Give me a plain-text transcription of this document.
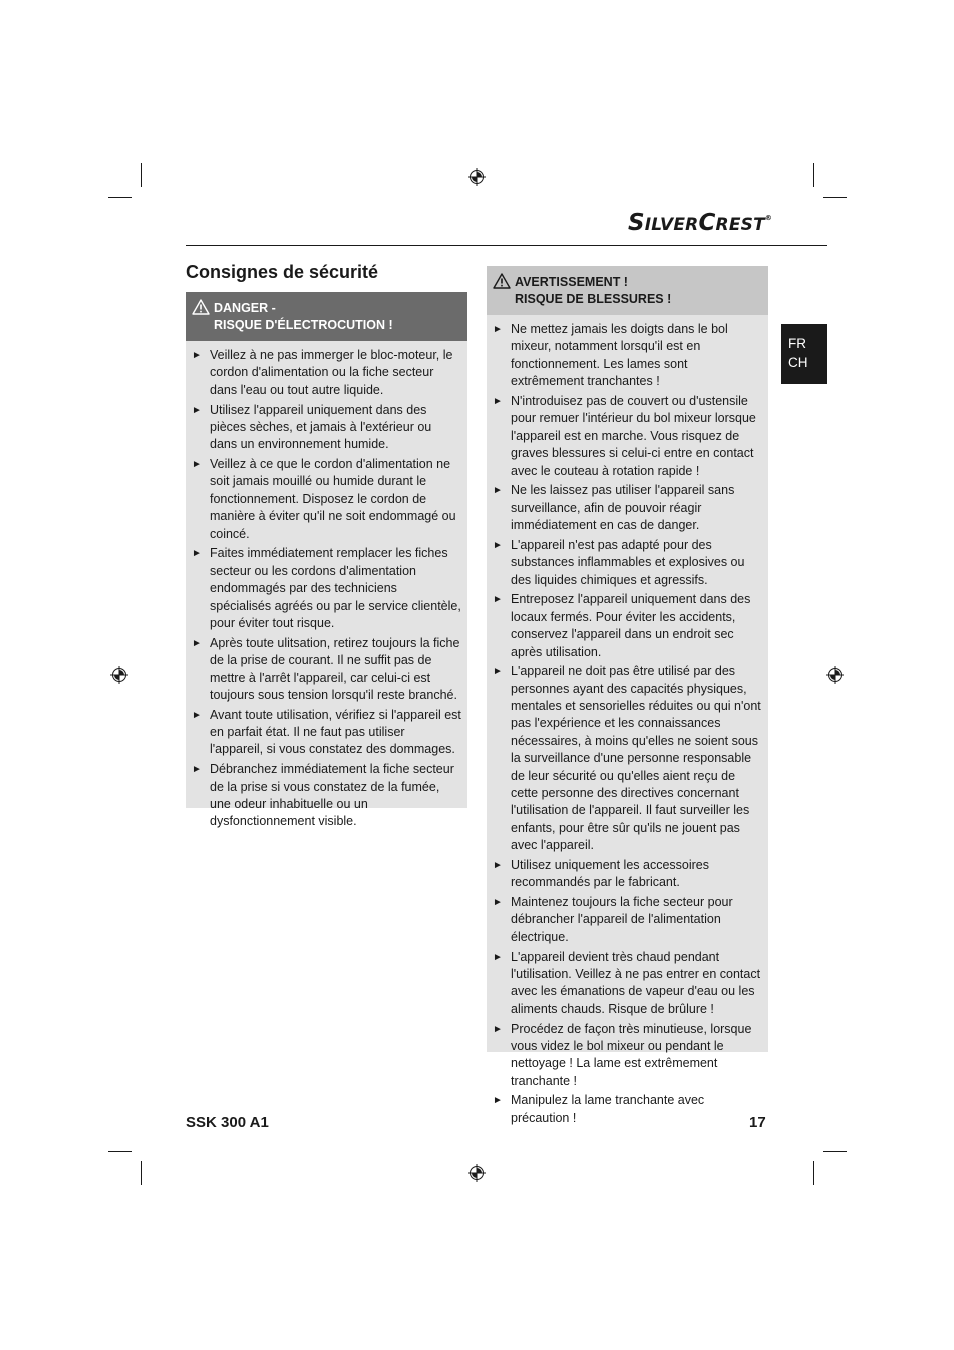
SILVERCREST®
Consignes de sécurité
FR
CH
DANGER -
RISQUE D'ÉLECTROCUTION !
► Veillez à ne pas immerger le bloc-moteur, le cordon d'alimentation ou la fiche secteur dans l'eau ou tout autre liquide.
► Utilisez l'appareil uniquement dans des pièces sèches, et jamais à l'extérieur ou dans un environnement humide.
► Veillez à ce que le cordon d'alimentation ne soit jamais mouillé ou humide durant le fonctionnement. Disposez le cordon de manière à éviter qu'il ne soit endommagé ou coincé.
► Faites immédiatement remplacer les fiches secteur ou les cordons d'alimentation endommagés par des techniciens spécialisés agréés ou par le service clientèle, pour éviter tout risque.
► Après toute ulitsation, retirez toujours la fiche de la prise de courant. Il ne suffit pas de mettre à l'arrêt l'appareil, car celui-ci est toujours sous tension lorsqu'il reste branché.
► Avant toute utilisation, vérifiez si l'appareil est en parfait état. Il ne faut pas utiliser l'appareil, si vous constatez des dommages.
► Débranchez immédiatement la fiche secteur de la prise si vous constatez de la fumée, une odeur inhabituelle ou un dysfonctionnement visible.
AVERTISSEMENT !
RISQUE DE BLESSURES !
► Ne mettez jamais les doigts dans le bol mixeur, notamment lorsqu'il est en fonctionnement. Les lames sont extrêmement tranchantes !
► N'introduisez pas de couvert ou d'ustensile pour remuer l'intérieur du bol mixeur lorsque l'appareil est en marche. Vous risquez de graves blessures si celui-ci entre en contact avec le couteau à rotation rapide !
► Ne les laissez pas utiliser l'appareil sans surveillance, afin de pouvoir réagir immédiatement en cas de danger.
► L'appareil n'est pas adapté pour des substances inflammables et explosives ou des liquides chimiques et agressifs.
► Entreposez l'appareil uniquement dans des locaux fermés. Pour éviter les accidents, conservez l'appareil dans un endroit sec après utilisation.
► L'appareil ne doit pas être utilisé par des personnes ayant des capacités physiques, mentales et sensorielles réduites ou qui n'ont pas l'expérience et les connaissances nécessaires, à moins qu'elles ne soient sous la surveillance d'une personne responsable de leur sécurité ou qu'elles aient reçu de cette personne des directives concernant l'utilisation de l'appareil. Il faut surveiller les enfants, pour être sûr qu'ils ne jouent pas avec l'appareil.
► Utilisez uniquement les accessoires recommandés par le fabricant.
► Maintenez toujours la fiche secteur pour débrancher l'appareil de l'alimentation électrique.
► L'appareil devient très chaud pendant l'utilisation. Veillez à ne pas entrer en contact avec les émanations de vapeur d'eau ou les aliments chauds. Risque de brûlure !
► Procédez de façon très minutieuse, lorsque vous videz le bol mixeur ou pendant le nettoyage ! La lame est extrêmement tranchante !
► Manipulez la lame tranchante avec précaution !
SSK 300 A1	17
